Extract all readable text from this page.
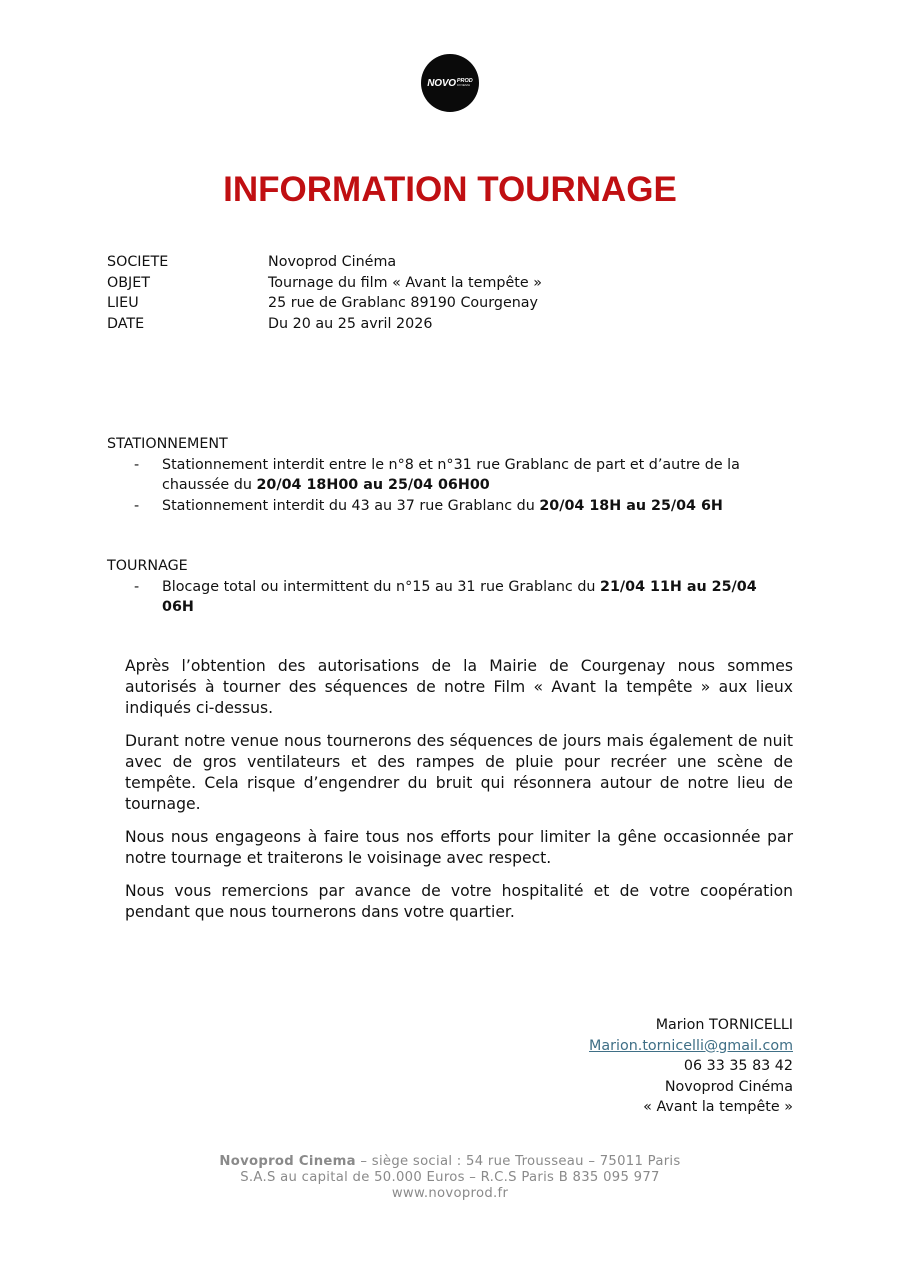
NOVO PROD
CINEMA
INFORMATION TOURNAGE
SOCIETE	Novoprod Cinéma
OBJET	Tournage du film « Avant la tempête »
LIEU	25 rue de Grablanc 89190 Courgenay
DATE	Du 20 au 25 avril 2026
STATIONNEMENT
- Stationnement interdit entre le n°8 et n°31 rue Grablanc de part et d’autre de la chaussée du 20/04 18H00 au 25/04 06H00
- Stationnement interdit du 43 au 37 rue Grablanc du 20/04 18H au 25/04 6H
TOURNAGE
- Blocage total ou intermittent du n°15 au 31 rue Grablanc du 21/04 11H au 25/04 06H

Après l’obtention des autorisations de la Mairie de Courgenay nous sommes autorisés à tourner des séquences de notre Film « Avant la tempête » aux lieux indiqués ci-dessus.

Durant notre venue nous tournerons des séquences de jours mais également de nuit avec de gros ventilateurs et des rampes de pluie pour recréer une scène de tempête. Cela risque d’engendrer du bruit qui résonnera autour de notre lieu de tournage.

Nous nous engageons à faire tous nos efforts pour limiter la gêne occasionnée par notre tournage et traiterons le voisinage avec respect.

Nous vous remercions par avance de votre hospitalité et de votre coopération pendant que nous tournerons dans votre quartier.

Marion TORNICELLI
Marion.tornicelli@gmail.com
06 33 35 83 42
Novoprod Cinéma
« Avant la tempête »
Novoprod Cinema – siège social : 54 rue Trousseau – 75011 Paris
S.A.S au capital de 50.000 Euros – R.C.S Paris B 835 095 977
www.novoprod.fr
